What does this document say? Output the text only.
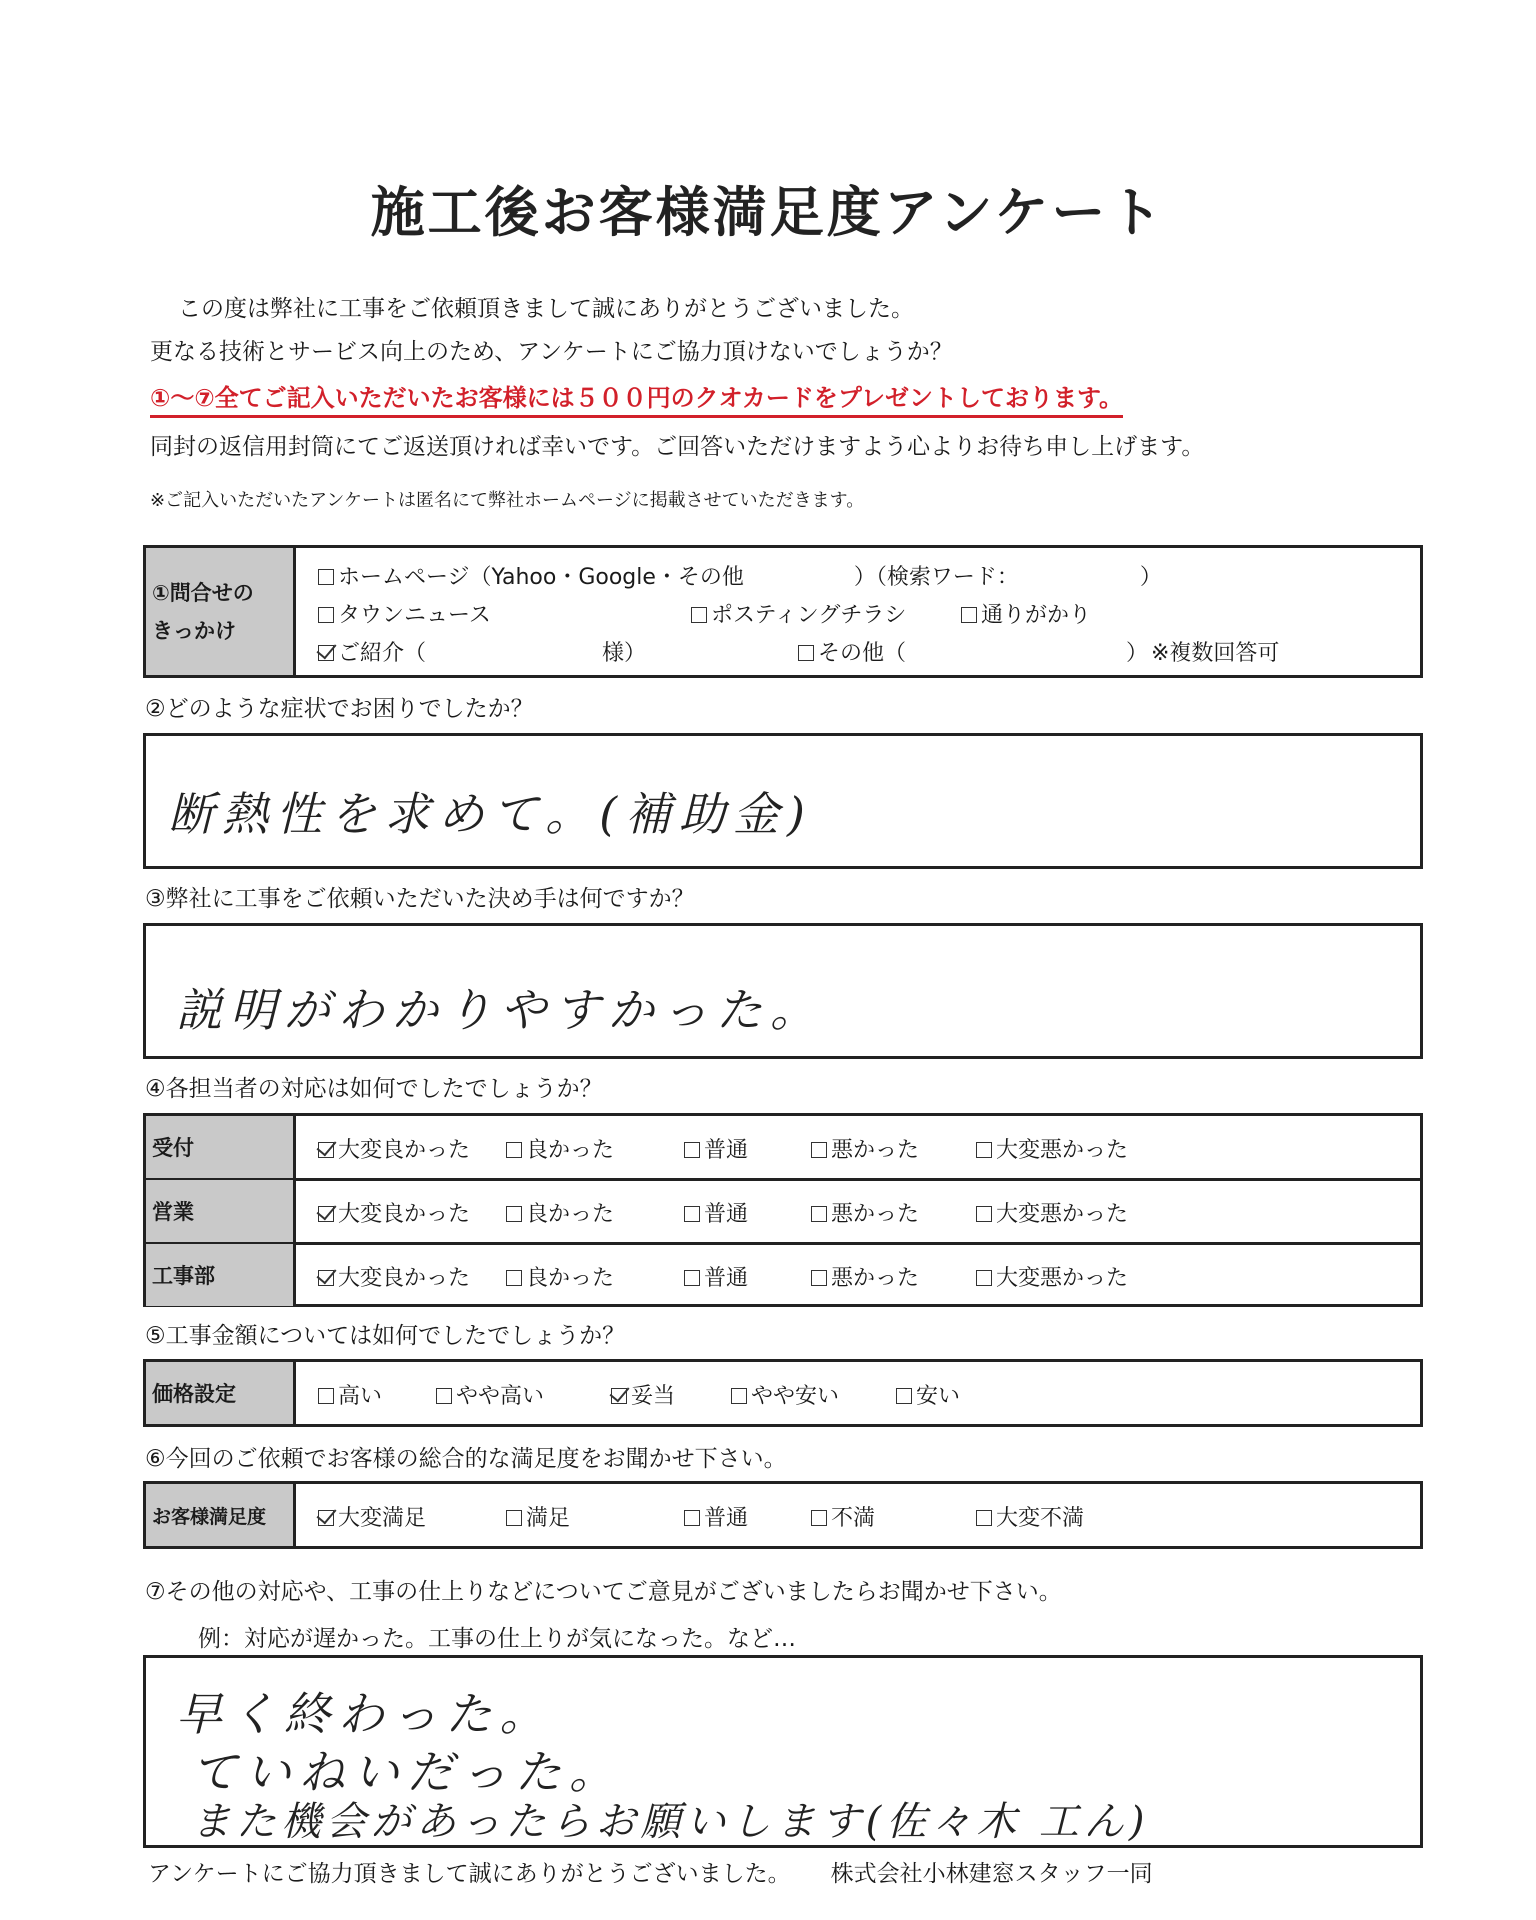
施工後お客様満足度アンケート
この度は弊社に工事をご依頼頂きまして誠にありがとうございました。
更なる技術とサービス向上のため、アンケートにご協力頂けないでしょうか？
①〜⑦全てご記入いただいたお客様には５００円のクオカードをプレゼントしております。
同封の返信用封筒にてご返送頂ければ幸いです。ご回答いただけますよう心よりお待ち申し上げます。
※ご記入いただいたアンケートは匿名にて弊社ホームページに掲載させていただきます。
①問合せの
きっかけ
ホームページ（Yahoo・Google・その他　　　　　）（検索ワード：　　　　　　）
タウンニュース	ポスティングチラシ	通りがかり
ご紹介（　　　　　　　　様）	その他（　　　　　　　　　　） ※複数回答可
②どのような症状でお困りでしたか？
断熱性を求めて。(補助金)
③弊社に工事をご依頼いただいた決め手は何ですか？
説明がわかりやすかった。
④各担当者の対応は如何でしたでしょうか？
受付	大変良かった	良かった	普通	悪かった	大変悪かった
営業	大変良かった	良かった	普通	悪かった	大変悪かった
工事部	大変良かった	良かった	普通	悪かった	大変悪かった
⑤工事金額については如何でしたでしょうか？
価格設定	高い	やや高い	妥当	やや安い	安い
⑥今回のご依頼でお客様の総合的な満足度をお聞かせ下さい。
お客様満足度	大変満足	満足	普通	不満	大変不満
⑦その他の対応や、工事の仕上りなどについてご意見がございましたらお聞かせ下さい。
例：対応が遅かった。工事の仕上りが気になった。など…
早く終わった。
ていねいだった。
また機会があったらお願いします(佐々木 工ん)
アンケートにご協力頂きまして誠にありがとうございました。 株式会社小林建窓スタッフ一同
